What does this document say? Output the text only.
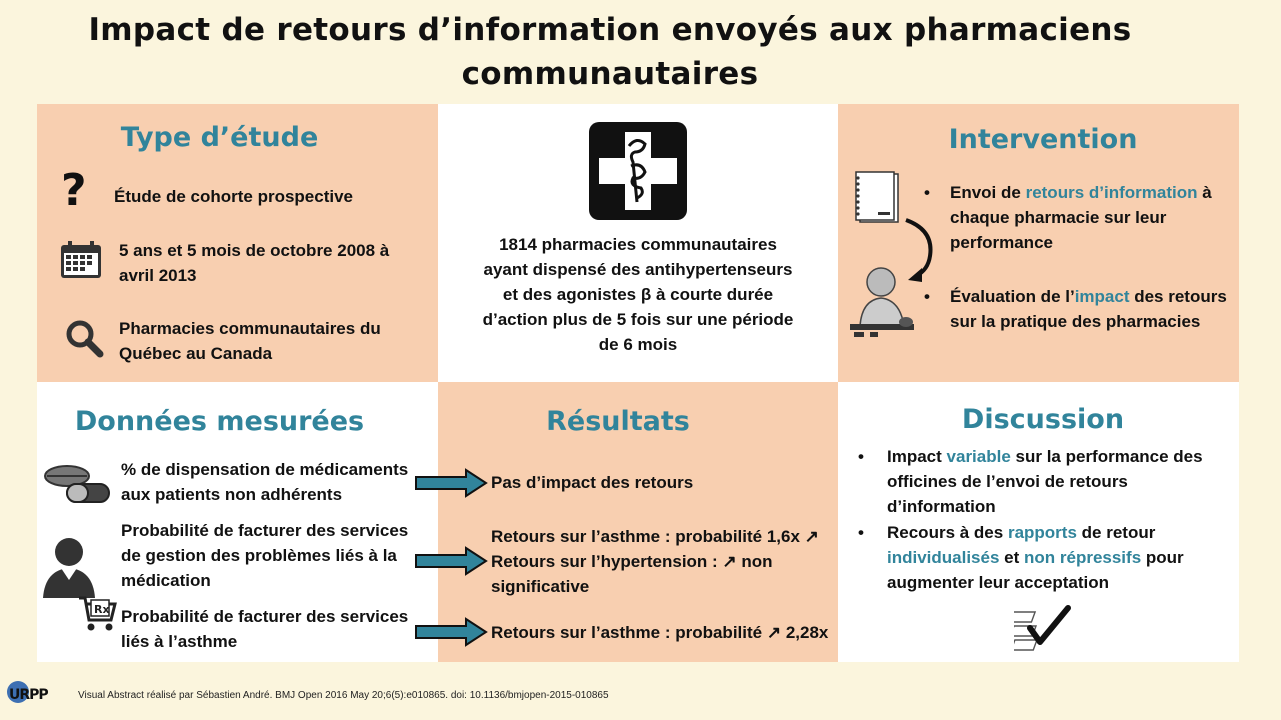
Impact de retours d’information envoyés aux pharmaciens
communautaires
Type d’étude
? Étude de cohorte prospective
5 ans et 5 mois de octobre 2008 à
avril 2013
Pharmacies communautaires du
Québec au Canada
1814 pharmacies communautaires
ayant dispensé des antihypertenseurs
et des agonistes β à courte durée
d’action plus de 5 fois sur une période
de 6 mois
Intervention
• Envoi de retours d’information à
chaque pharmacie sur leur
performance
• Évaluation de l’impact des retours
sur la pratique des pharmacies
Données mesurées
% de dispensation de médicaments
aux patients non adhérents
Probabilité de facturer des services
de gestion des problèmes liés à la
médication
Rx Probabilité de facturer des services
liés à l’asthme
Résultats
Pas d’impact des retours
Retours sur l’asthme : probabilité 1,6x ↗
Retours sur l’hypertension : ↗ non
significative
Retours sur l’asthme : probabilité ↗ 2,28x
Discussion
• Impact variable sur la performance des
officines de l’envoi de retours
d’information
• Recours à des rapports de retour
individualisés et non répressifs pour
augmenter leur acceptation
URPP	Visual Abstract réalisé par Sébastien André. BMJ Open 2016 May 20;6(5):e010865. doi: 10.1136/bmjopen-2015-010865
